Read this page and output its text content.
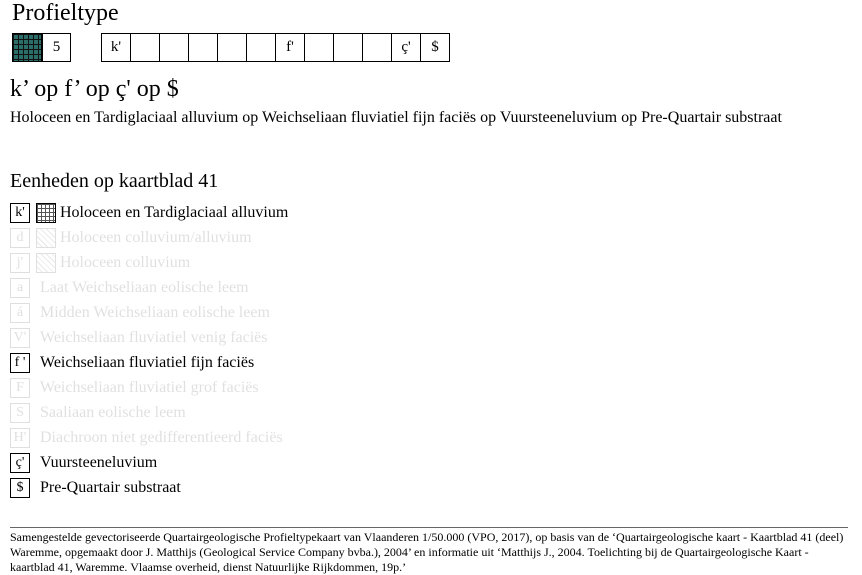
Profieltype
5	k'	f'	ç'	$
k’ op f’ op ç' op $
Holoceen en Tardiglaciaal alluvium op Weichseliaan fluviatiel fijn faciës op Vuursteeneluvium op Pre-Quartair substraat
Eenheden op kaartblad 41
k'	Holoceen en Tardiglaciaal alluvium
d	Holoceen colluvium/alluvium
j'	Holoceen colluvium
a	Laat Weichseliaan eolische leem
á	Midden Weichseliaan eolische leem
V' Weichseliaan fluviatiel venig faciës
f ' Weichseliaan fluviatiel fijn faciës
F	Weichseliaan fluviatiel grof faciës
S	Saaliaan eolische leem
H' Diachroon niet gedifferentieerd faciës
ç' Vuursteeneluvium
$	Pre-Quartair substraat
Samengestelde gevectoriseerde Quartairgeologische Profieltypekaart van Vlaanderen 1/50.000 (VPO, 2017), op basis van de ‘Quartairgeologische kaart - Kaartblad 41 (deel) Waremme, opgemaakt door J. Matthijs (Geological Service Company bvba.), 2004’ en informatie uit ‘Matthijs J., 2004. Toelichting bij de Quartairgeologische Kaart - kaartblad 41, Waremme. Vlaamse overheid, dienst Natuurlijke Rijkdommen, 19p.’
